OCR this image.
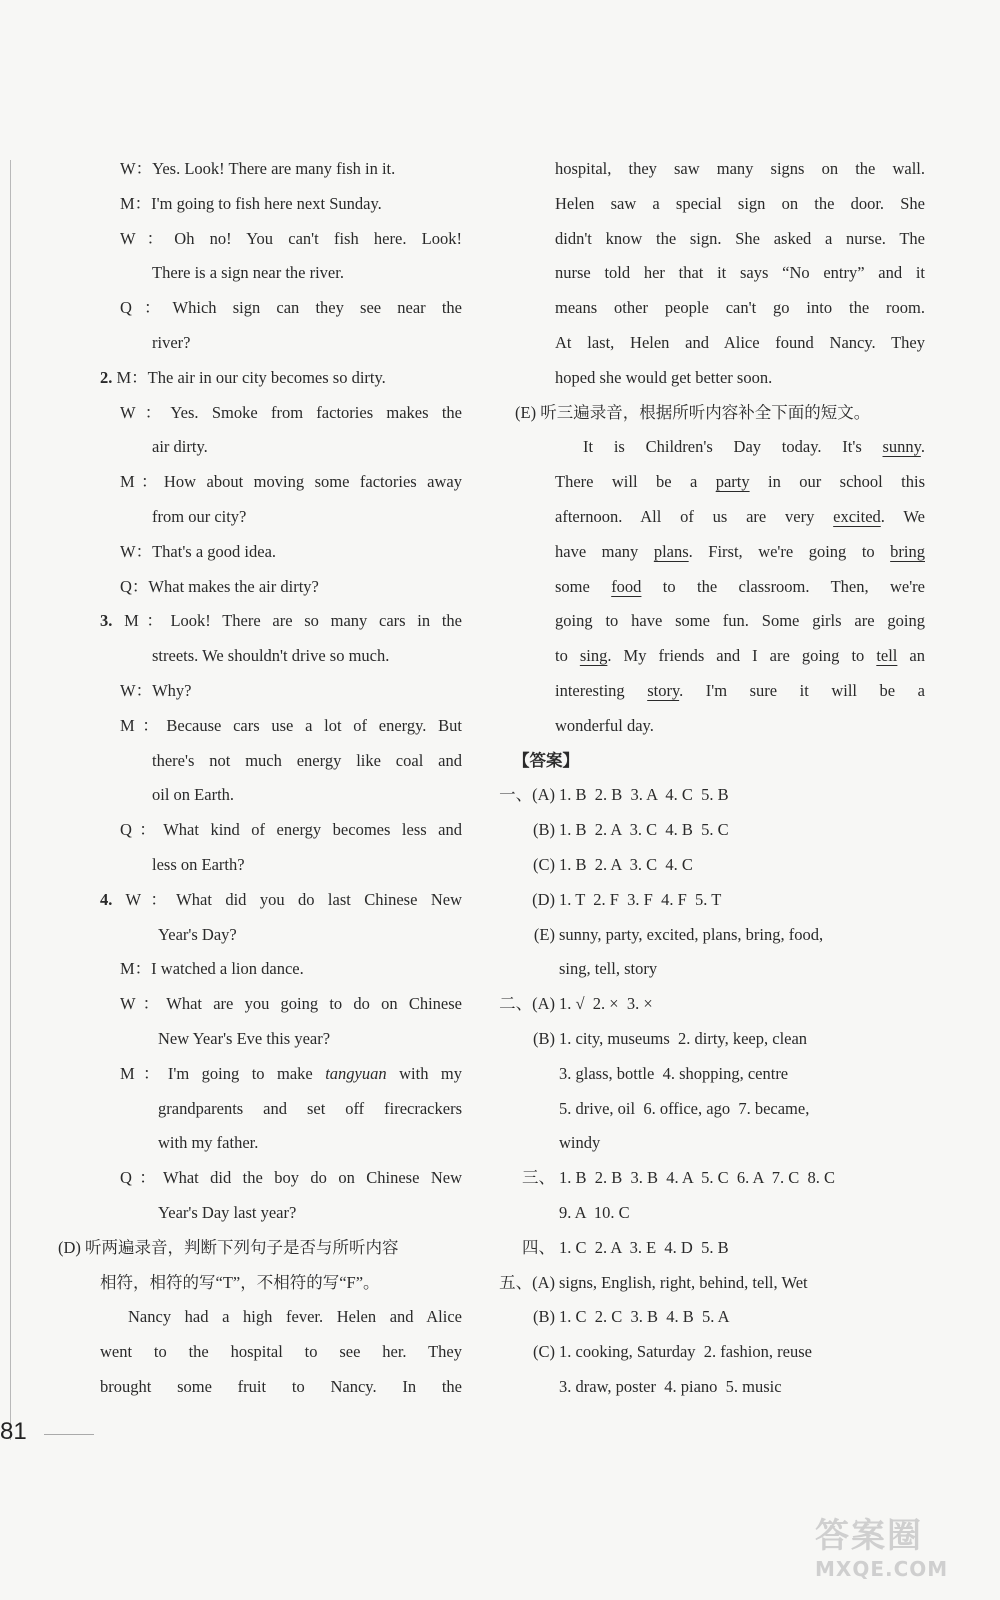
W：Yes. Look! There are many fish in it.
M：I'm going to fish here next Sunday.
W：Oh no! You can't fish here. Look!
There is a sign near the river.
Q：Which sign can they see near the
river?
2. M：The air in our city becomes so dirty.
W：Yes. Smoke from factories makes the
air dirty.
M：How about moving some factories away
from our city?
W：That's a good idea.
Q：What makes the air dirty?
3. M：Look! There are so many cars in the
streets. We shouldn't drive so much.
W：Why?
M：Because cars use a lot of energy. But
there's not much energy like coal and
oil on Earth.
Q：What kind of energy becomes less and
less on Earth?
4. W：What did you do last Chinese New
Year's Day?
M：I watched a lion dance.
W：What are you going to do on Chinese
New Year's Eve this year?
M：I'm going to make tangyuan with my
grandparents and set off firecrackers
with my father.
Q：What did the boy do on Chinese New
Year's Day last year?
(D) 听两遍录音，判断下列句子是否与所听内容
相符，相符的写“T”，不相符的写“F”。
Nancy had a high fever. Helen and Alice
went to the hospital to see her. They
brought some fruit to Nancy. In the
hospital, they saw many signs on the wall.
Helen saw a special sign on the door. She
didn't know the sign. She asked a nurse. The
nurse told her that it says “No entry” and it
means other people can't go into the room.
At last, Helen and Alice found Nancy. They
hoped she would get better soon.
(E) 听三遍录音，根据所听内容补全下面的短文。
It is Children's Day today. It's sunny.
There will be a party in our school this
afternoon. All of us are very excited. We
have many plans. First, we're going to bring
some food to the classroom. Then, we're
going to have some fun. Some girls are going
to sing. My friends and I are going to tell an
interesting story. I'm sure it will be a
wonderful day.
【答案】
一、(A) 1. B  2. B  3. A  4. C  5. B
(B) 1. B  2. A  3. C  4. B  5. C
(C) 1. B  2. A  3. C  4. C
(D) 1. T  2. F  3. F  4. F  5. T
(E) sunny, party, excited, plans, bring, food,
sing, tell, story
二、(A) 1. √  2. ×  3. ×
(B) 1. city, museums  2. dirty, keep, clean
3. glass, bottle  4. shopping, centre
5. drive, oil  6. office, ago  7. became,
windy
三、 1. B  2. B  3. B  4. A  5. C  6. A  7. C  8. C
9. A  10. C
四、 1. C  2. A  3. E  4. D  5. B
五、(A) signs, English, right, behind, tell, Wet
(B) 1. C  2. C  3. B  4. B  5. A
(C) 1. cooking, Saturday  2. fashion, reuse
3. draw, poster  4. piano  5. music
81
答案圈
MXQE.COM
